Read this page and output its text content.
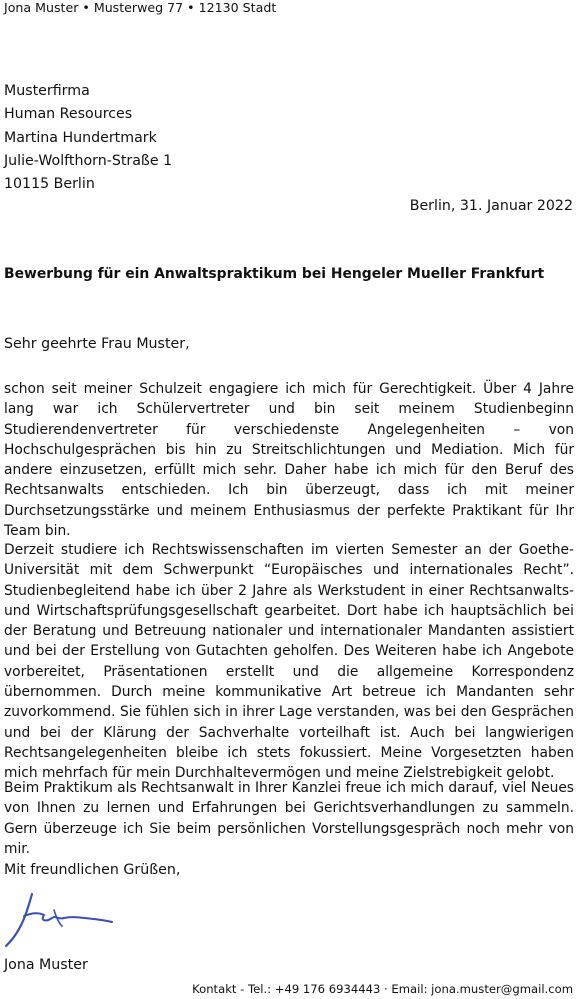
Jona Muster • Musterweg 77 • 12130 Stadt
Musterfirma
Human Resources
Martina Hundertmark
Julie-Wolfthorn-Straße 1
10115 Berlin
Berlin, 31. Januar 2022
Bewerbung für ein Anwaltspraktikum bei Hengeler Mueller Frankfurt
Sehr geehrte Frau Muster,
schon seit meiner Schulzeit engagiere ich mich für Gerechtigkeit. Über 4 Jahre lang war ich Schülervertreter und bin seit meinem Studienbeginn Studierendenvertreter für verschiedenste Angelegenheiten – von Hochschulgesprächen bis hin zu Streitschlichtungen und Mediation. Mich für andere einzusetzen, erfüllt mich sehr. Daher habe ich mich für den Beruf des Rechtsanwalts entschieden. Ich bin überzeugt, dass ich mit meiner Durchsetzungsstärke und meinem Enthusiasmus der perfekte Praktikant für Ihr Team bin.
Derzeit studiere ich Rechtswissenschaften im vierten Semester an der Goethe-Universität mit dem Schwerpunkt “Europäisches und internationales Recht”. Studienbegleitend habe ich über 2 Jahre als Werkstudent in einer Rechtsanwalts- und Wirtschaftsprüfungsgesellschaft gearbeitet. Dort habe ich hauptsächlich bei der Beratung und Betreuung nationaler und internationaler Mandanten assistiert und bei der Erstellung von Gutachten geholfen. Des Weiteren habe ich Angebote vorbereitet, Präsentationen erstellt und die allgemeine Korrespondenz übernommen. Durch meine kommunikative Art betreue ich Mandanten sehr zuvorkommend. Sie fühlen sich in ihrer Lage verstanden, was bei den Gesprächen und bei der Klärung der Sachverhalte vorteilhaft ist. Auch bei langwierigen Rechtsangelegenheiten bleibe ich stets fokussiert. Meine Vorgesetzten haben mich mehrfach für mein Durchhaltevermögen und meine Zielstrebigkeit gelobt.
Beim Praktikum als Rechtsanwalt in Ihrer Kanzlei freue ich mich darauf, viel Neues von Ihnen zu lernen und Erfahrungen bei Gerichtsverhandlungen zu sammeln. Gern überzeuge ich Sie beim persönlichen Vorstellungsgespräch noch mehr von mir.
Mit freundlichen Grüßen,
Jona Muster
Kontakt - Tel.: +49 176 6934443 · Email: jona.muster@gmail.com
